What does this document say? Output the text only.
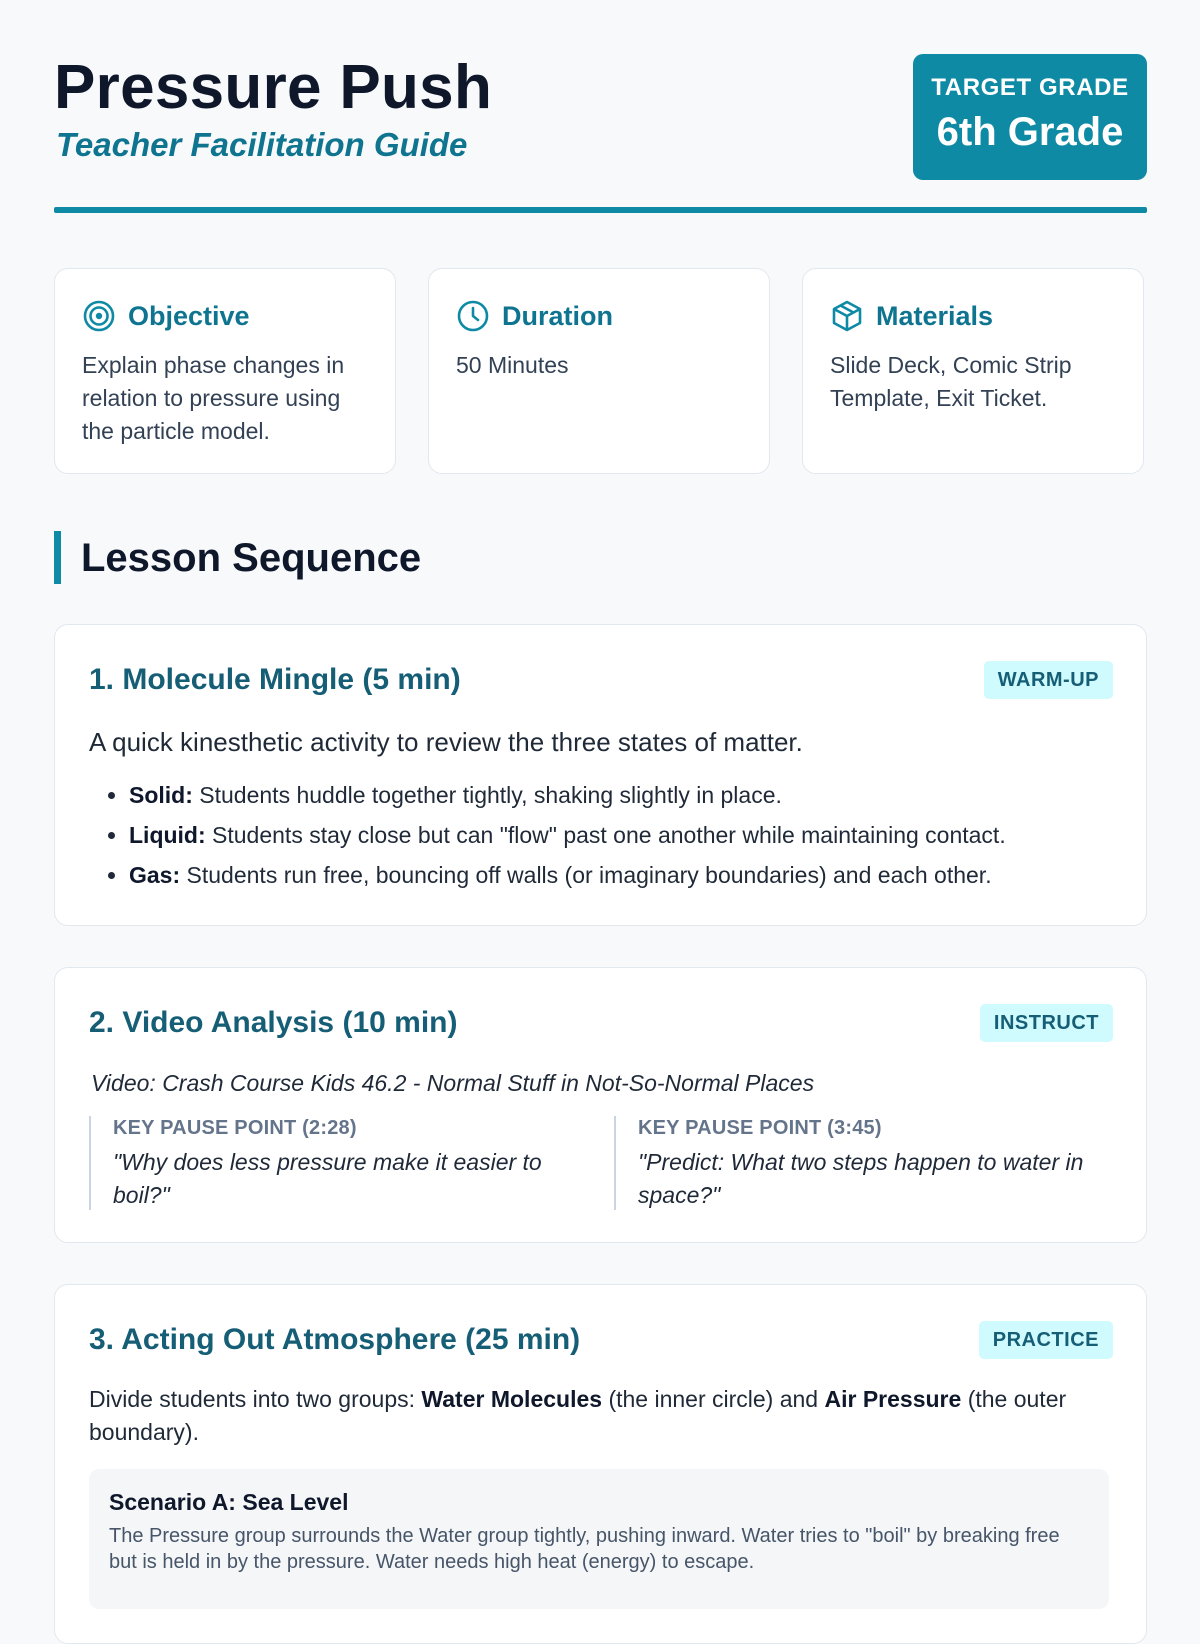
Pressure Push

Teacher Facilitation Guide

TARGET GRADE
6th Grade
Objective
Explain phase changes in relation to pressure using the particle model.
Duration
50 Minutes
Materials
Slide Deck, Comic Strip Template, Exit Ticket.
Lesson Sequence
1. Molecule Mingle (5 min)	WARM-UP

A quick kinesthetic activity to review the three states of matter.

• Solid: Students huddle together tightly, shaking slightly in place.
• Liquid: Students stay close but can "flow" past one another while maintaining contact.
• Gas: Students run free, bouncing off walls (or imaginary boundaries) and each other.
2. Video Analysis (10 min)	INSTRUCT
Video: Crash Course Kids 46.2 - Normal Stuff in Not-So-Normal Places
KEY PAUSE POINT (2:28)
"Why does less pressure make it easier to boil?"
KEY PAUSE POINT (3:45)
"Predict: What two steps happen to water in space?"
3. Acting Out Atmosphere (25 min)	PRACTICE

Divide students into two groups: Water Molecules (the inner circle) and Air Pressure (the outer boundary).

Scenario A: Sea Level
The Pressure group surrounds the Water group tightly, pushing inward. Water tries to "boil" by breaking free but is held in by the pressure. Water needs high heat (energy) to escape.
